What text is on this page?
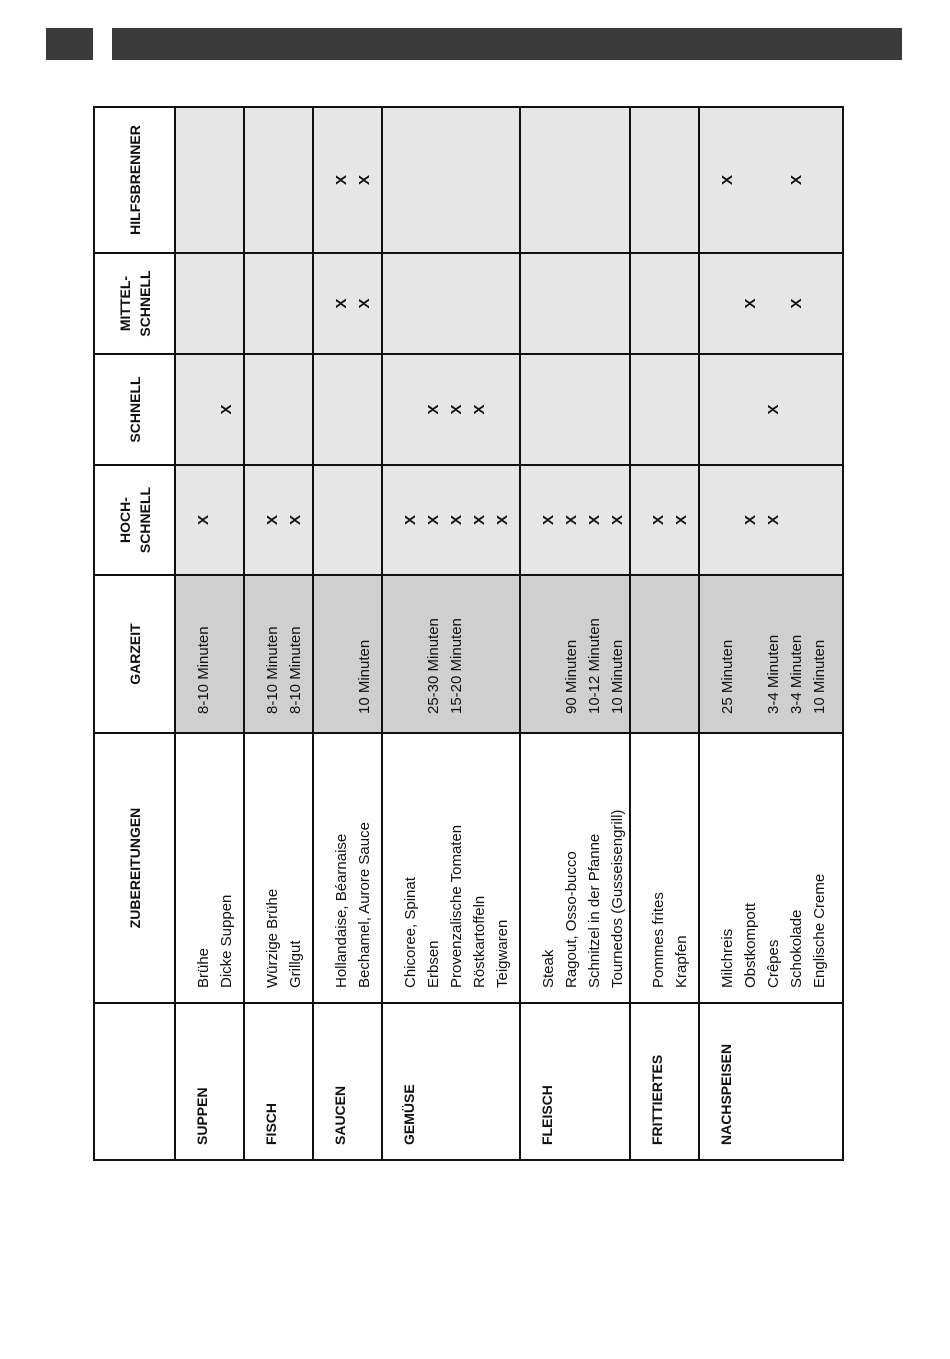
	ZUBEREITUNGEN	GARZEIT	HOCH- SCHNELL	SCHNELL	MITTEL- SCHNELL	HILFSBRENNER
SUPPEN	Brühe Dicke Suppen	8-10 Minuten	X	X		

FISCH	Würzige Brühe Grillgut	8-10 Minuten 8-10 Minuten	X X			

SAUCEN	Hollandaise, Béarnaise Bechamel, Aurore Sauce	10 Minuten			X X	X X

GEMÜSE	Chicoree, Spinat Erbsen Provenzalische Tomaten Röstkartoffeln Teigwaren	25-30 Minuten 15-20 Minuten	X X X X X	X X X		

FLEISCH	Steak Ragout, Osso-bucco Schnitzel in der Pfanne Tournedos (Gusseisengrill)	90 Minuten 10-12 Minuten 10 Minuten	X X X X			

FRITTIERTES	Pommes frites Krapfen		X X			

NACHSPEISEN	Milchreis Obstkompott Crêpes Schokolade Englische Creme	25 Minuten 3-4 Minuten 3-4 Minuten 10 Minuten	X X	X	X X	X X
